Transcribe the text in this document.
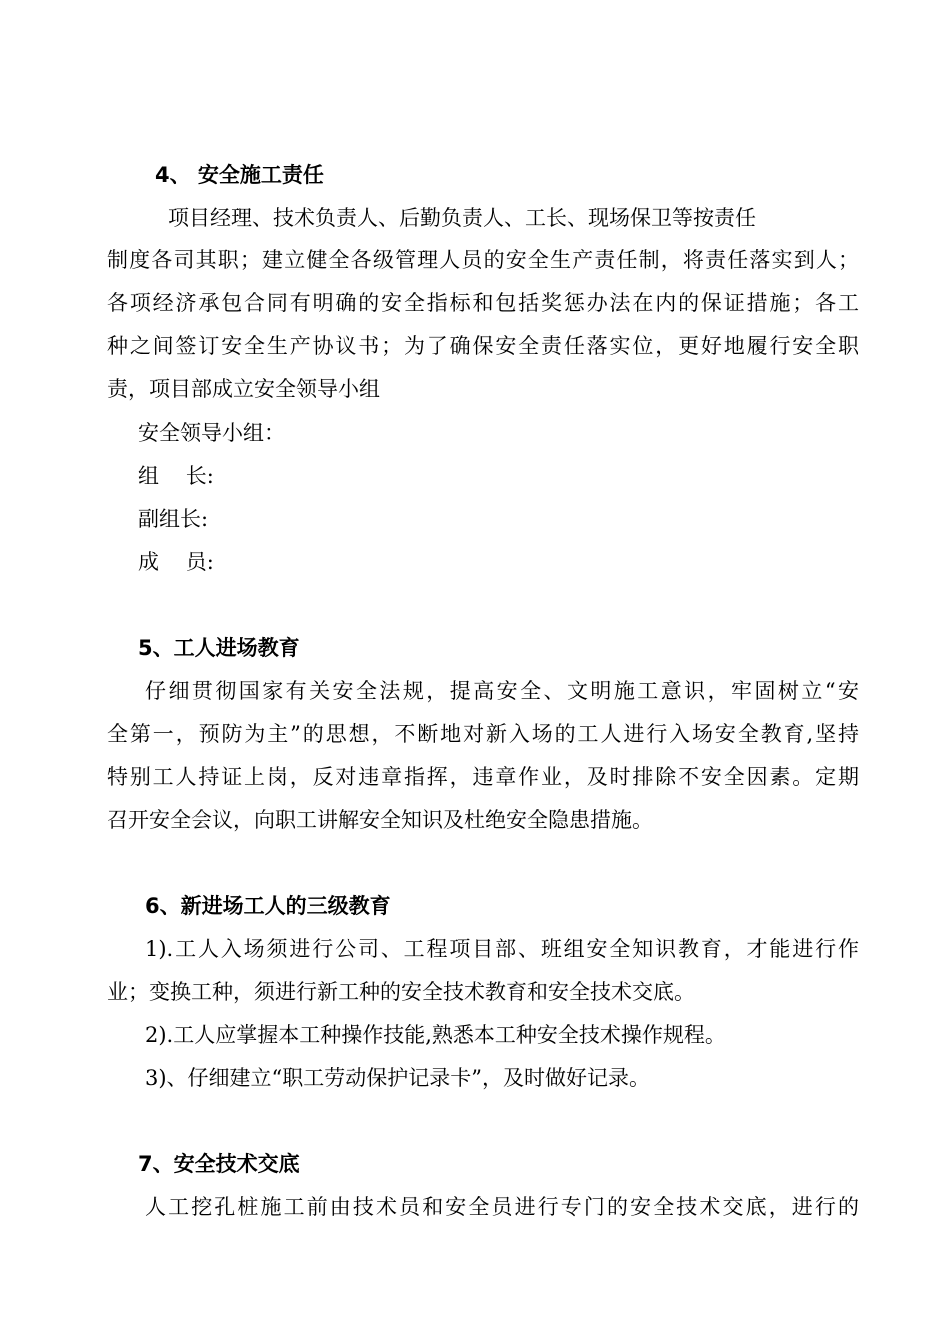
4、 安全施工责任
项目经理、技术负责人、后勤负责人、工长、现场保卫等按责任
制度各司其职；建立健全各级管理人员的安全生产责任制，将责任落实到人；
各项经济承包合同有明确的安全指标和包括奖惩办法在内的保证措施；各工
种之间签订安全生产协议书；为了确保安全责任落实位，更好地履行安全职
责，项目部成立安全领导小组
安全领导小组：
组    长:
副组长:
成    员:
5、工人进场教育
仔细贯彻国家有关安全法规，提高安全、文明施工意识，牢固树立“安
全第一，预防为主”的思想，不断地对新入场的工人进行入场安全教育,坚持
特别工人持证上岗，反对违章指挥，违章作业，及时排除不安全因素。定期
召开安全会议，向职工讲解安全知识及杜绝安全隐患措施。
6、新进场工人的三级教育
1).工人入场须进行公司、工程项目部、班组安全知识教育，才能进行作
业；变换工种，须进行新工种的安全技术教育和安全技术交底。
2).工人应掌握本工种操作技能,熟悉本工种安全技术操作规程。
3)、仔细建立“职工劳动保护记录卡”，及时做好记录。
7、安全技术交底
人工挖孔桩施工前由技术员和安全员进行专门的安全技术交底，进行的
